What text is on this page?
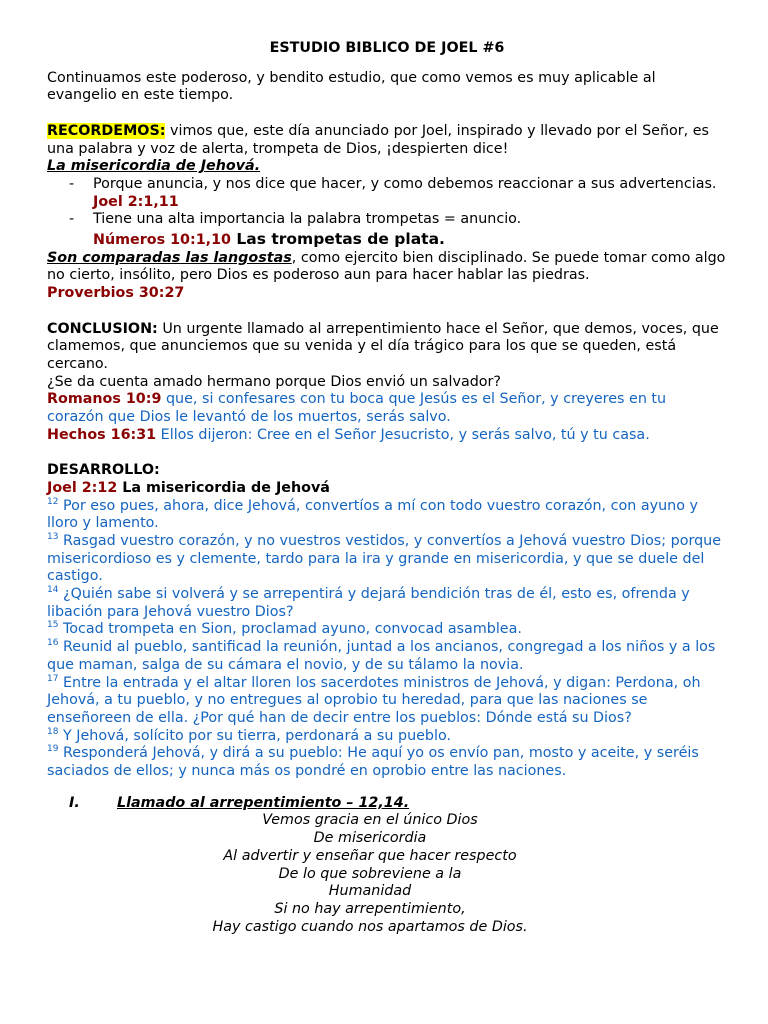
ESTUDIO BIBLICO DE JOEL #6

Continuamos este poderoso, y bendito estudio, que como vemos es muy aplicable al evangelio en este tiempo.

RECORDEMOS: vimos que, este día anunciado por Joel, inspirado y llevado por el Señor, es una palabra y voz de alerta, trompeta de Dios, ¡despierten dice!

La misericordia de Jehová.

- Porque anuncia, y nos dice que hacer, y como debemos reaccionar a sus advertencias. Joel 2:1,11

- Tiene una alta importancia la palabra trompetas = anuncio.

Números 10:1,10 Las trompetas de plata.

Son comparadas las langostas, como ejercito bien disciplinado. Se puede tomar como algo no cierto, insólito, pero Dios es poderoso aun para hacer hablar las piedras.

Proverbios 30:27

CONCLUSION: Un urgente llamado al arrepentimiento hace el Señor, que demos, voces, que clamemos, que anunciemos que su venida y el día trágico para los que se queden, está cercano.

¿Se da cuenta amado hermano porque Dios envió un salvador?

Romanos 10:9 que, si confesares con tu boca que Jesús es el Señor, y creyeres en tu corazón que Dios le levantó de los muertos, serás salvo.

Hechos 16:31 Ellos dijeron: Cree en el Señor Jesucristo, y serás salvo, tú y tu casa.

DESARROLLO:

Joel 2:12 La misericordia de Jehová

$^{12}$ Por eso pues, ahora, dice Jehová, convertíos a mí con todo vuestro corazón, con ayuno y lloro y lamento.

$^{13}$ Rasgad vuestro corazón, y no vuestros vestidos, y convertíos a Jehová vuestro Dios; porque misericordioso es y clemente, tardo para la ira y grande en misericordia, y que se duele del castigo.

$^{14}$ ¿Quién sabe si volverá y se arrepentirá y dejará bendición tras de él, esto es, ofrenda y libación para Jehová vuestro Dios?

$^{15}$ Tocad trompeta en Sion, proclamad ayuno, convocad asamblea.

$^{16}$ Reunid al pueblo, santificad la reunión, juntad a los ancianos, congregad a los niños y a los que maman, salga de su cámara el novio, y de su tálamo la novia.

$^{17}$ Entre la entrada y el altar lloren los sacerdotes ministros de Jehová, y digan: Perdona, oh Jehová, a tu pueblo, y no entregues al oprobio tu heredad, para que las naciones se enseñoreen de ella. ¿Por qué han de decir entre los pueblos: Dónde está su Dios?

$^{18}$ Y Jehová, solícito por su tierra, perdonará a su pueblo.

$^{19}$ Responderá Jehová, y dirá a su pueblo: He aquí yo os envío pan, mosto y aceite, y seréis saciados de ellos; y nunca más os pondré en oprobio entre las naciones.

I.	Llamado al arrepentimiento – 12,14.

Vemos gracia en el único Dios

De misericordia

Al advertir y enseñar que hacer respecto

De lo que sobreviene a la

Humanidad

Si no hay arrepentimiento,

Hay castigo cuando nos apartamos de Dios.
